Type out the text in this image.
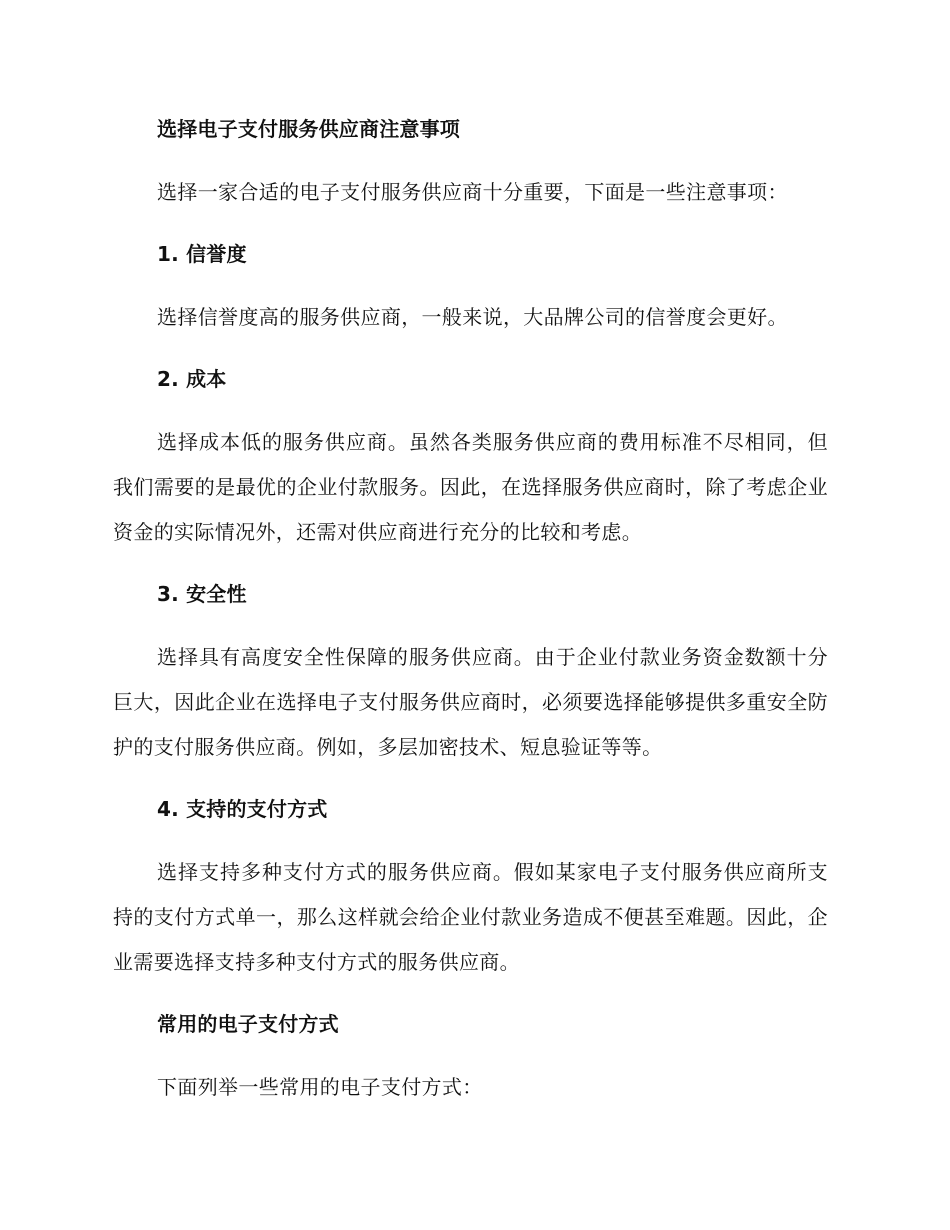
选择电子支付服务供应商注意事项

选择一家合适的电子支付服务供应商十分重要，下面是一些注意事项：

1. 信誉度

选择信誉度高的服务供应商，一般来说，大品牌公司的信誉度会更好。

2. 成本

选择成本低的服务供应商。虽然各类服务供应商的费用标准不尽相同，但我们需要的是最优的企业付款服务。因此，在选择服务供应商时，除了考虑企业资金的实际情况外，还需对供应商进行充分的比较和考虑。

3. 安全性

选择具有高度安全性保障的服务供应商。由于企业付款业务资金数额十分巨大，因此企业在选择电子支付服务供应商时，必须要选择能够提供多重安全防护的支付服务供应商。例如，多层加密技术、短息验证等等。

4. 支持的支付方式

选择支持多种支付方式的服务供应商。假如某家电子支付服务供应商所支持的支付方式单一，那么这样就会给企业付款业务造成不便甚至难题。因此，企业需要选择支持多种支付方式的服务供应商。

常用的电子支付方式

下面列举一些常用的电子支付方式：
